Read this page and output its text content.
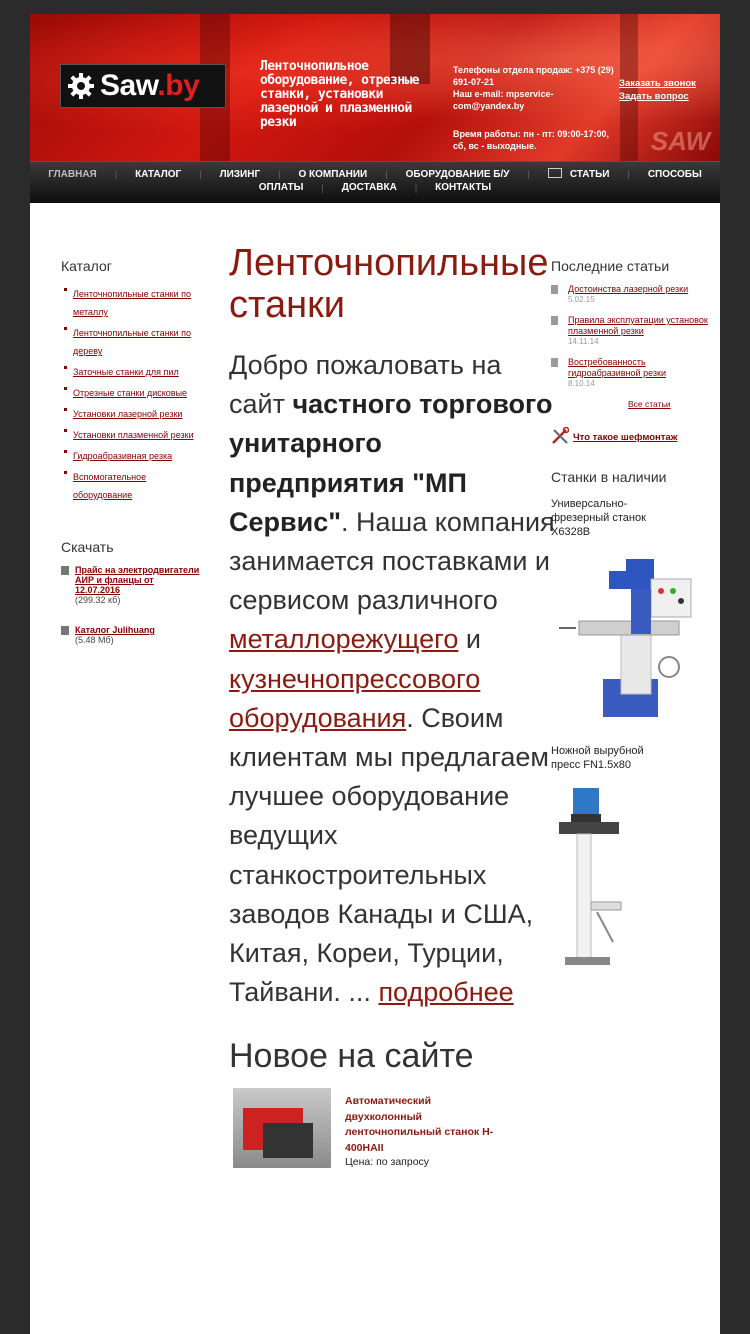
Saw.by
Ленточнопильное оборудование, отрезные станки, установки лазерной и плазменной резки
Телефоны отдела продаж: +375 (29) 691-07-21
Наш e-mail: mpservice-com@yandex.by
Время работы: пн - пт: 09:00-17:00, сб, вс - выходные.
Заказать звонок
Задать вопрос
SAW
ГЛАВНАЯ	|	КАТАЛОГ	|	ЛИЗИНГ	|	О КОМПАНИИ	|	ОБОРУДОВАНИЕ Б/У	|	СТАТЬИ	|	СПОСОБЫ
ОПЛАТЫ	|	ДОСТАВКА	|	КОНТАКТЫ
Каталог
Ленточнопильные станки по металлу
Ленточнопильные станки по дереву
Заточные станки для пил
Отрезные станки дисковые
Установки лазерной резки
Установки плазменной резки
Гидроабразивная резка
Вспомогательное оборудование
Скачать
Прайс на электродвигатели АИР и фланцы от 12.07.2016
(299.32 кб)
Каталог Julihuang
(5.48 Мб)
Ленточнопильные станки
Добро пожаловать на сайт частного торгового унитарного предприятия "МП Сервис". Наша компания занимается поставками и сервисом различного металлорежущего и кузнечнопрессового оборудования. Своим клиентам мы предлагаем лучшее оборудование ведущих станкостроительных заводов Канады и США, Китая, Кореи, Турции, Тайвани. ... подробнее
Новое на сайте
Автоматический двухколонный ленточнопильный станок H-400HAII
Цена: по запросу
Последние статьи
Достоинства лазерной резки
5.02.15
Правила эксплуатации установок плазменной резки
14.11.14
Востребованность гидроабразивной резки
8.10.14
Все статьи
Что такое шефмонтаж
Станки в наличии
Универсально-фрезерный станок X6328B
Ножной вырубной пресс FN1.5x80
